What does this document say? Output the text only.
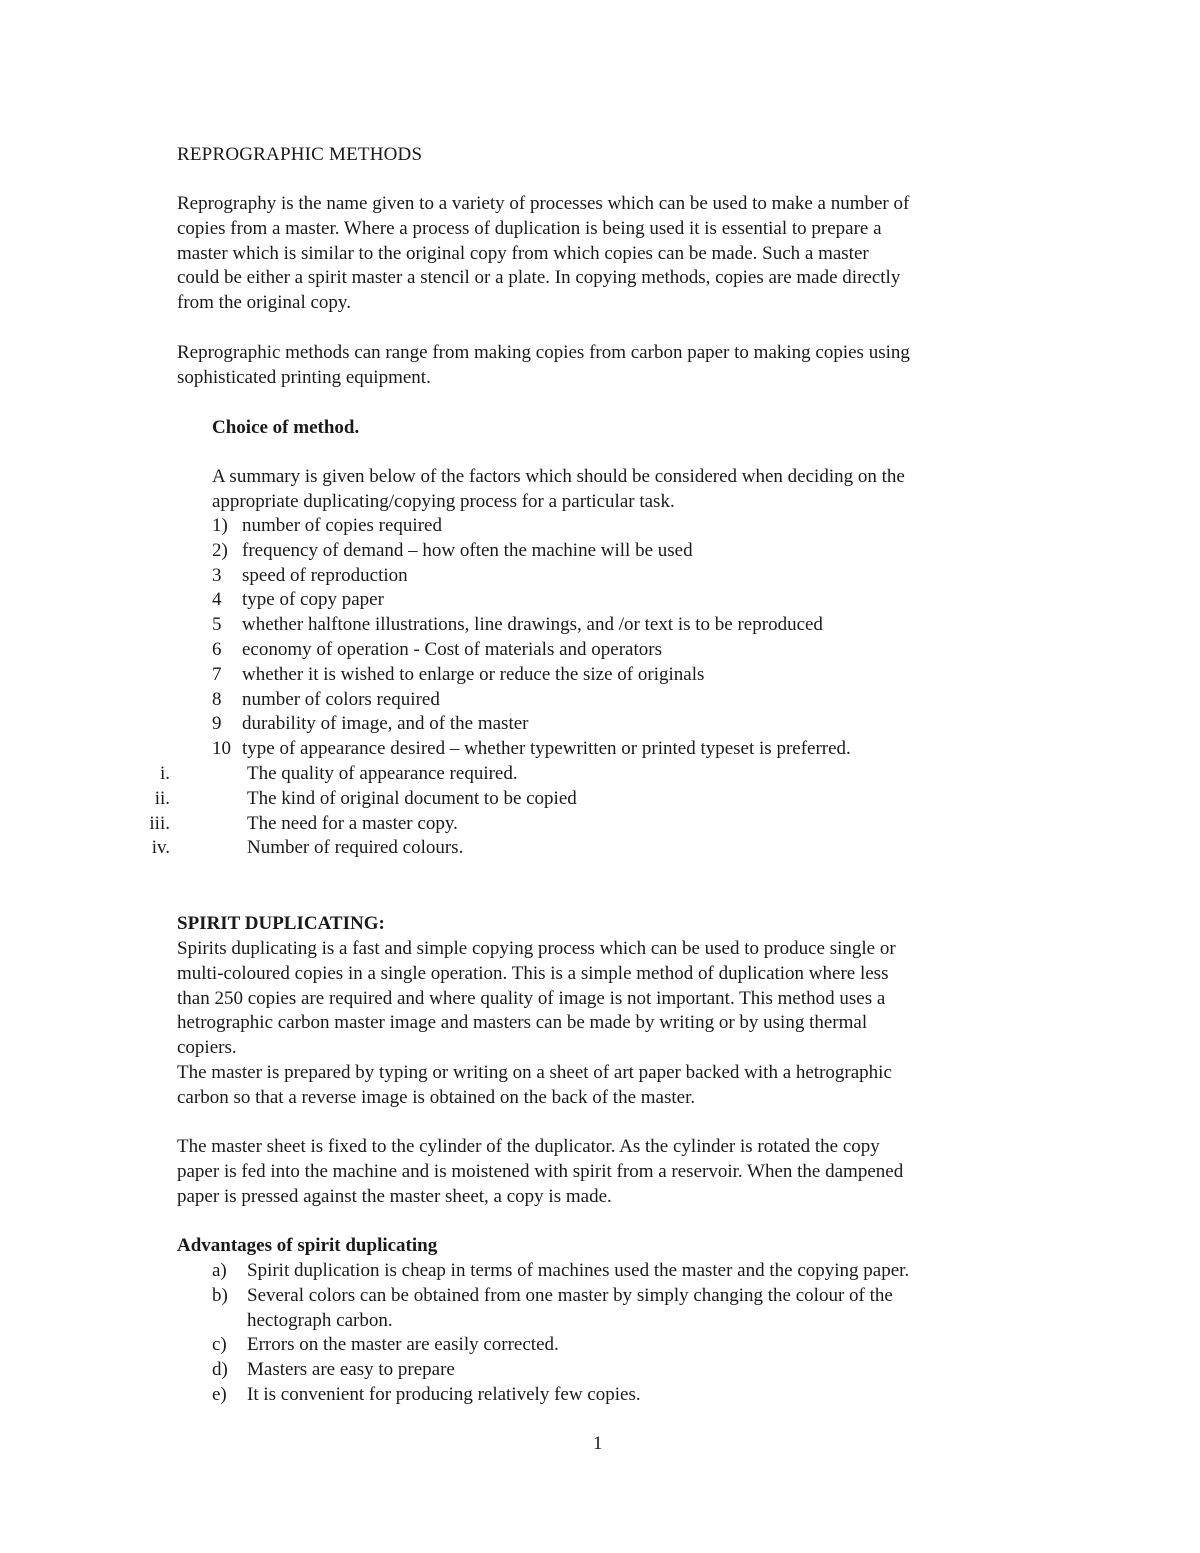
REPROGRAPHIC METHODS
Reprography is the name given to a variety of processes which can be used to make a number of
copies from a master. Where a process of duplication is being used it is essential to prepare a
master which is similar to the original copy from which copies can be made. Such a master
could be either a spirit master a stencil or a plate. In copying methods, copies are made directly
from the original copy.
Reprographic methods can range from making copies from carbon paper to making copies using
sophisticated printing equipment.
Choice of method.
A summary is given below of the factors which should be considered when deciding on the
appropriate duplicating/copying process for a particular task.
1) number of copies required
2) frequency of demand – how often the machine will be used
3 speed of reproduction
4 type of copy paper
5 whether halftone illustrations, line drawings, and /or text is to be reproduced
6 economy of operation - Cost of materials and operators
7 whether it is wished to enlarge or reduce the size of originals
8 number of colors required
9 durability of image, and of the master
10 type of appearance desired – whether typewritten or printed typeset is preferred.
i.	The quality of appearance required.
ii.	The kind of original document to be copied
iii.	The need for a master copy.
iv.	Number of required colours.
SPIRIT DUPLICATING:
Spirits duplicating is a fast and simple copying process which can be used to produce single or
multi-coloured copies in a single operation. This is a simple method of duplication where less
than 250 copies are required and where quality of image is not important. This method uses a
hetrographic carbon master image and masters can be made by writing or by using thermal
copiers.
The master is prepared by typing or writing on a sheet of art paper backed with a hetrographic
carbon so that a reverse image is obtained on the back of the master.
The master sheet is fixed to the cylinder of the duplicator. As the cylinder is rotated the copy
paper is fed into the machine and is moistened with spirit from a reservoir. When the dampened
paper is pressed against the master sheet, a copy is made.
Advantages of spirit duplicating
a) Spirit duplication is cheap in terms of machines used the master and the copying paper.
b) Several colors can be obtained from one master by simply changing the colour of the
hectograph carbon.
c) Errors on the master are easily corrected.
d) Masters are easy to prepare
e) It is convenient for producing relatively few copies.
1
